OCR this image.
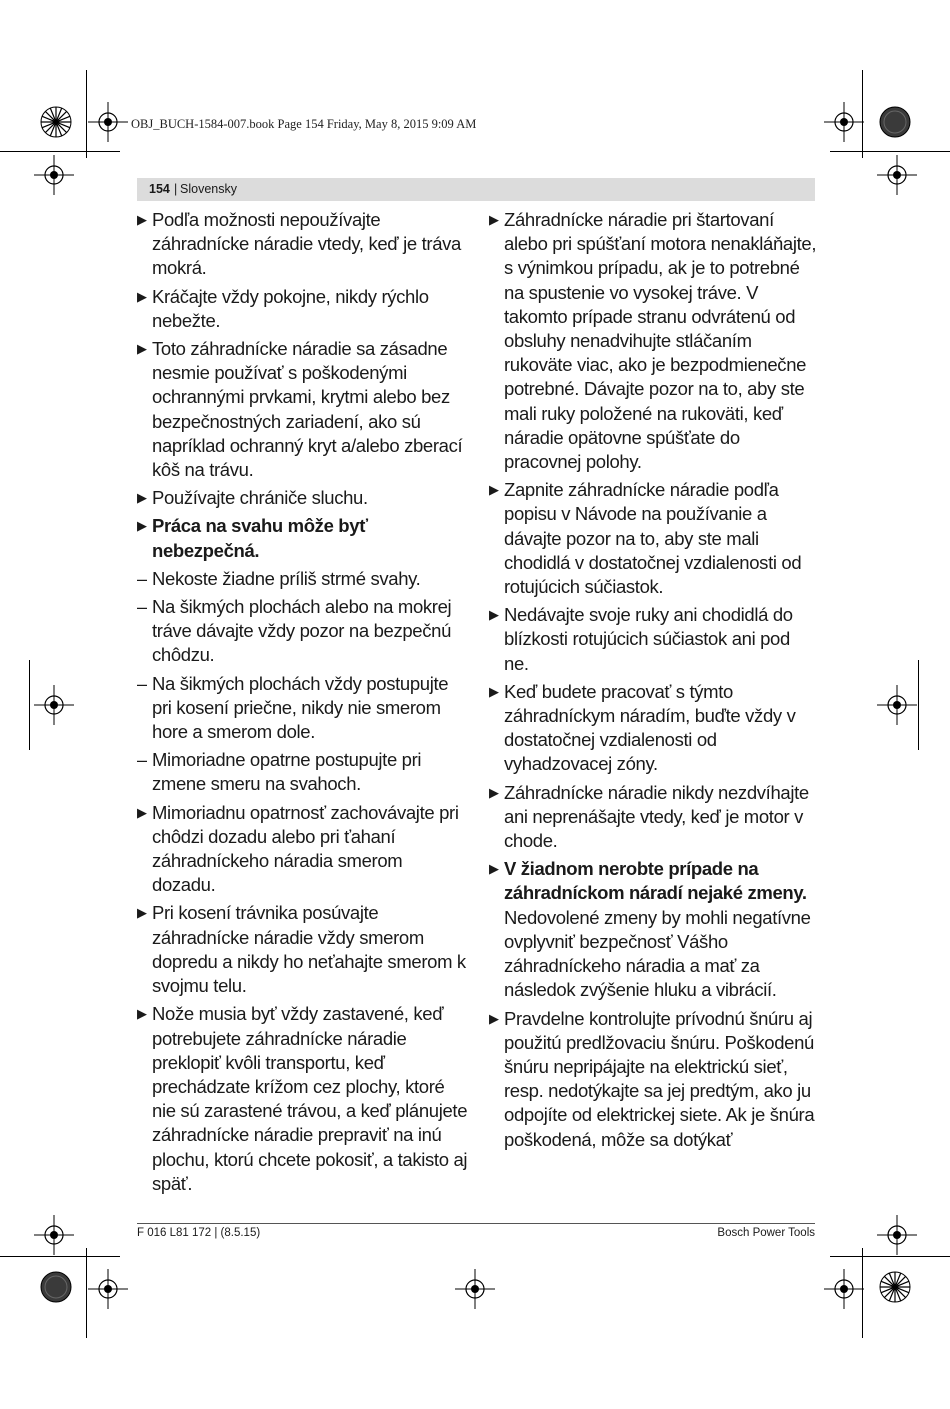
OBJ_BUCH-1584-007.book Page 154 Friday, May 8, 2015 9:09 AM
154 | Slovensky
▶ Podľa možnosti nepoužívajte záhradnícke náradie vtedy, keď je tráva mokrá.
▶ Kráčajte vždy pokojne, nikdy rýchlo nebežte.
▶ Toto záhradnícke náradie sa zásadne nesmie používať s poškodenými ochrannými prvkami, krytmi alebo bez bezpečnostných zariadení, ako sú napríklad ochranný kryt a/alebo zberací kôš na trávu.
▶ Používajte chrániče sluchu.
▶ Práca na svahu môže byť nebezpečná.
– Nekoste žiadne príliš strmé svahy.
– Na šikmých plochách alebo na mokrej tráve dávajte vždy pozor na bezpečnú chôdzu.
– Na šikmých plochách vždy postupujte pri kosení priečne, nikdy nie smerom hore a smerom dole.
– Mimoriadne opatrne postupujte pri zmene smeru na svahoch.
▶ Mimoriadnu opatrnosť zachovávajte pri chôdzi dozadu alebo pri ťahaní záhradníckeho náradia smerom dozadu.
▶ Pri kosení trávnika posúvajte záhradnícke náradie vždy smerom dopredu a nikdy ho neťahajte smerom k svojmu telu.
▶ Nože musia byť vždy zastavené, keď potrebujete záhradnícke náradie preklopiť kvôli transportu, keď prechádzate krížom cez plochy, ktoré nie sú zarastené trávou, a keď plánujete záhradnícke náradie prepraviť na inú plochu, ktorú chcete pokosiť, a takisto aj späť.
▶ Záhradnícke náradie pri štartovaní alebo pri spúšťaní motora nenakláňajte, s výnimkou prípadu, ak je to potrebné na spustenie vo vysokej tráve. V takomto prípade stranu odvrátenú od obsluhy nenadvihujte stláčaním rukoväte viac, ako je bezpodmienečne potrebné. Dávajte pozor na to, aby ste mali ruky položené na rukoväti, keď náradie opätovne spúšťate do pracovnej polohy.
▶ Zapnite záhradnícke náradie podľa popisu v Návode na používanie a dávajte pozor na to, aby ste mali chodidlá v dostatočnej vzdialenosti od rotujúcich súčiastok.
▶ Nedávajte svoje ruky ani chodidlá do blízkosti rotujúcich súčiastok ani pod ne.
▶ Keď budete pracovať s týmto záhradníckym náradím, buďte vždy v dostatočnej vzdialenosti od vyhadzovacej zóny.
▶ Záhradnícke náradie nikdy nezdvíhajte ani neprenášajte vtedy, keď je motor v chode.
▶ V žiadnom nerobte prípade na záhradníckom náradí nejaké zmeny. Nedovolené zmeny by mohli negatívne ovplyvniť bezpečnosť Vášho záhradníckeho náradia a mať za následok zvýšenie hluku a vibrácií.
▶ Pravdelne kontrolujte prívodnú šnúru aj použitú predlžovaciu šnúru. Poškodenú šnúru nepripájajte na elektrickú sieť, resp. nedotýkajte sa jej predtým, ako ju odpojíte od elektrickej siete. Ak je šnúra poškodená, môže sa dotýkať
F 016 L81 172 | (8.5.15)	Bosch Power Tools
